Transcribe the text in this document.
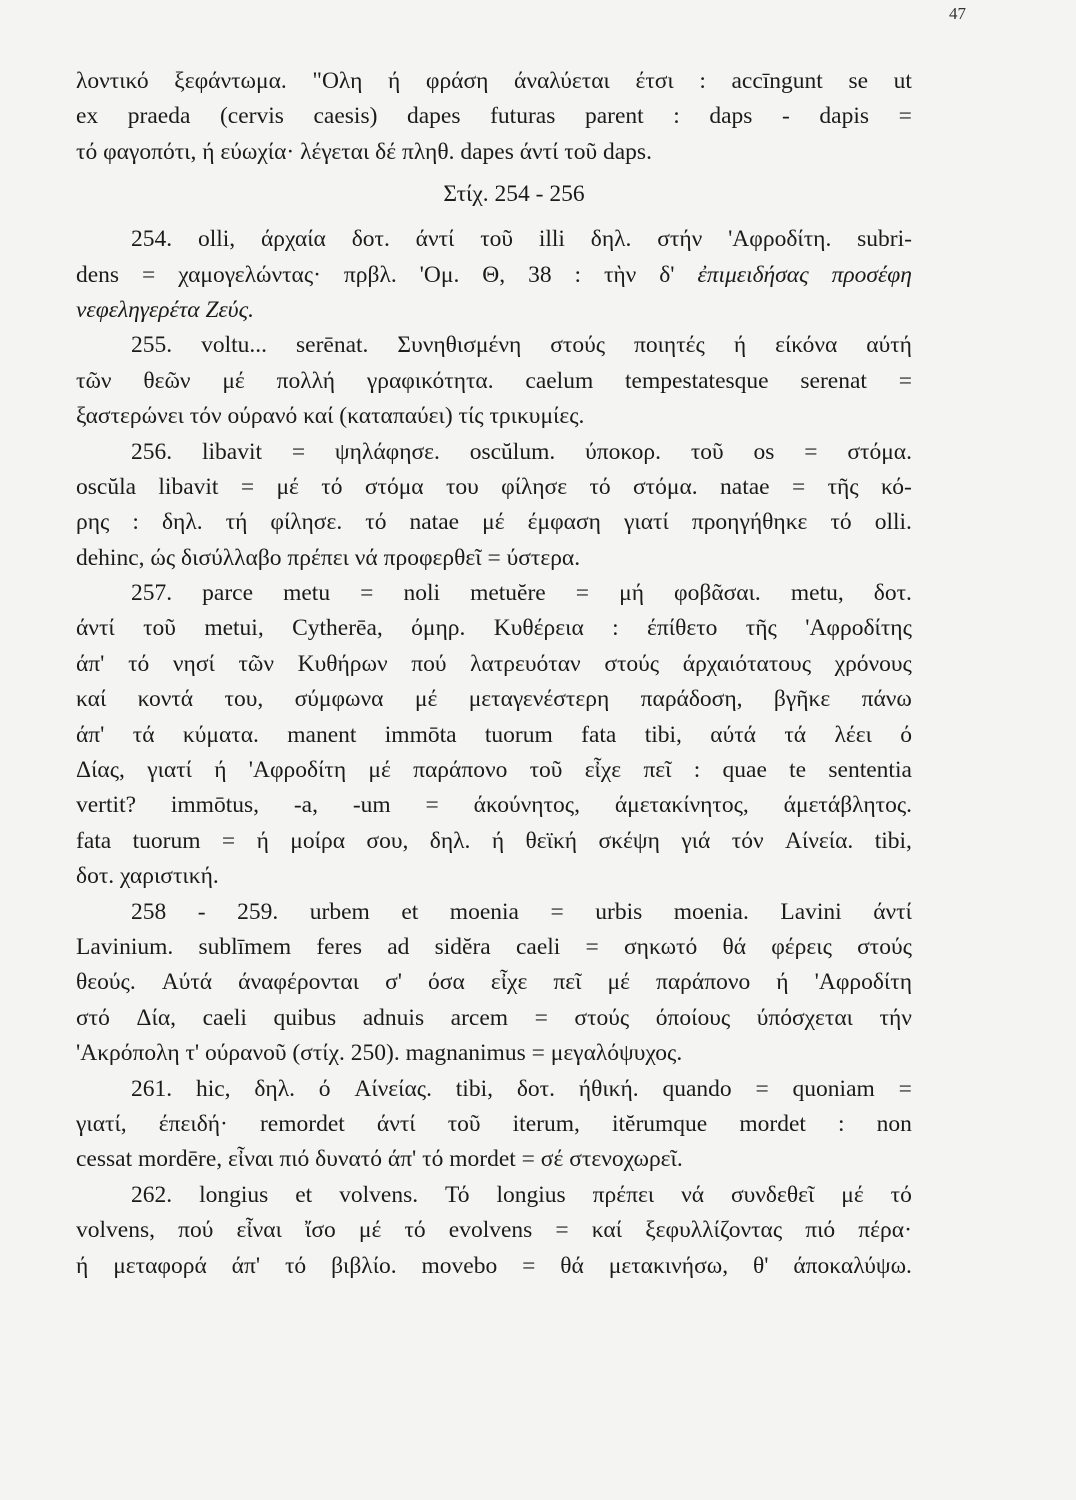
47
λοντικό ξεφάντωμα. "Ολη ή φράση άναλύεται έτσι : accīngunt se ut
ex praeda (cervis caesis) dapes futuras parent : daps - dapis =
τό φαγοπότι, ή εύωχία· λέγεται δέ πληθ. dapes άντί τοῦ daps.
Στίχ. 254 - 256
254. olli, άρχαία δοτ. άντί τοῦ illi δηλ. στήν 'Αφροδίτη. subri-
dens = χαμογελώντας· πρβλ. 'Ομ. Θ, 38 : τὴν δ' ἐπιμειδήσας προσέφη
νεφεληγερέτα Ζεύς.
255. voltu... serēnat. Συνηθισμένη στούς ποιητές ή είκόνα αύτή
τῶν θεῶν μέ πολλή γραφικότητα. caelum tempestatesque serenat =
ξαστερώνει τόν ούρανό καί (καταπαύει) τίς τρικυμίες.
256. libavit = ψηλάφησε. oscŭlum. ύποκορ. τοῦ os = στόμα.
oscŭla libavit = μέ τό στόμα του φίλησε τό στόμα. natae = τῆς κό-
ρης : δηλ. τή φίλησε. τό natae μέ έμφαση γιατί προηγήθηκε τό olli.
dehinc, ώς δισύλλαβο πρέπει νά προφερθεῖ = ύστερα.
257. parce metu = noli metuĕre = μή φοβᾶσαι. metu, δοτ.
άντί τοῦ metui, Cytherēa, όμηρ. Κυθέρεια : έπίθετο τῆς 'Αφροδίτης
άπ' τό νησί τῶν Κυθήρων πού λατρευόταν στούς άρχαιότατους χρόνους
καί κοντά του, σύμφωνα μέ μεταγενέστερη παράδοση, βγῆκε πάνω
άπ' τά κύματα. manent immōta tuorum fata tibi, αύτά τά λέει ό
Δίας, γιατί ή 'Αφροδίτη μέ παράπονο τοῦ εἶχε πεῖ : quae te sententia
vertit? immōtus, -a, -um = άκούνητος, άμετακίνητος, άμετάβλητος.
fata tuorum = ή μοίρα σου, δηλ. ή θεϊκή σκέψη γιά τόν Αίνεία. tibi,
δοτ. χαριστική.
258 - 259. urbem et moenia = urbis moenia. Lavini άντί
Lavinium. sublīmem feres ad sidĕra caeli = σηκωτό θά φέρεις στούς
θεούς. Αύτά άναφέρονται σ' όσα εἶχε πεῖ μέ παράπονο ή 'Αφροδίτη
στό Δία, caeli quibus adnuis arcem = στούς όποίους ύπόσχεται τήν
'Ακρόπολη τ' ούρανοῦ (στίχ. 250). magnanimus = μεγαλόψυχος.
261. hic, δηλ. ό Αίνείας. tibi, δοτ. ήθική. quando = quoniam =
γιατί, έπειδή· remordet άντί τοῦ iterum, itĕrumque mordet : non
cessat mordēre, εἶναι πιό δυνατό άπ' τό mordet = σέ στενοχωρεῖ.
262. longius et volvens. Τό longius πρέπει νά συνδεθεῖ μέ τό
volvens, πού εἶναι ἴσο μέ τό evolvens = καί ξεφυλλίζοντας πιό πέρα·
ή μεταφορά άπ' τό βιβλίο. movebo = θά μετακινήσω, θ' άποκαλύψω.
